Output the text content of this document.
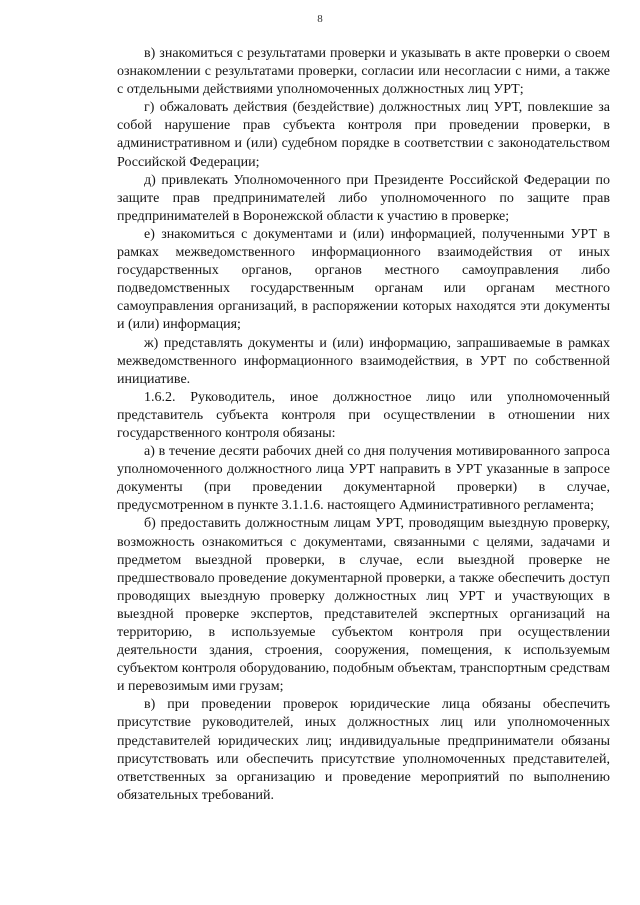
8

в) знакомиться с результатами проверки и указывать в акте проверки о своем ознакомлении с результатами проверки, согласии или несогласии с ними, а также с отдельными действиями уполномоченных должностных лиц УРТ;

г) обжаловать действия (бездействие) должностных лиц УРТ, повлекшие за собой нарушение прав субъекта контроля при проведении проверки, в административном и (или) судебном порядке в соответствии с законодательством Российской Федерации;

д) привлекать Уполномоченного при Президенте Российской Федерации по защите прав предпринимателей либо уполномоченного по защите прав предпринимателей в Воронежской области к участию в проверке;

е) знакомиться с документами и (или) информацией, полученными УРТ в рамках межведомственного информационного взаимодействия от иных государственных органов, органов местного самоуправления либо подведомственных государственным органам или органам местного самоуправления организаций, в распоряжении которых находятся эти документы и (или) информация;

ж) представлять документы и (или) информацию, запрашиваемые в рамках межведомственного информационного взаимодействия, в УРТ по собственной инициативе.

1.6.2. Руководитель, иное должностное лицо или уполномоченный представитель субъекта контроля при осуществлении в отношении них государственного контроля обязаны:

а) в течение десяти рабочих дней со дня получения мотивированного запроса уполномоченного должностного лица УРТ направить в УРТ указанные в запросе документы (при проведении документарной проверки) в случае, предусмотренном в пункте 3.1.1.6. настоящего Административного регламента;

б) предоставить должностным лицам УРТ, проводящим выездную проверку, возможность ознакомиться с документами, связанными с целями, задачами и предметом выездной проверки, в случае, если выездной проверке не предшествовало проведение документарной проверки, а также обеспечить доступ проводящих выездную проверку должностных лиц УРТ и участвующих в выездной проверке экспертов, представителей экспертных организаций на территорию, в используемые субъектом контроля при осуществлении деятельности здания, строения, сооружения, помещения, к используемым субъектом контроля оборудованию, подобным объектам, транспортным средствам и перевозимым ими грузам;

в) при проведении проверок юридические лица обязаны обеспечить присутствие руководителей, иных должностных лиц или уполномоченных представителей юридических лиц; индивидуальные предприниматели обязаны присутствовать или обеспечить присутствие уполномоченных представителей, ответственных за организацию и проведение мероприятий по выполнению обязательных требований.
